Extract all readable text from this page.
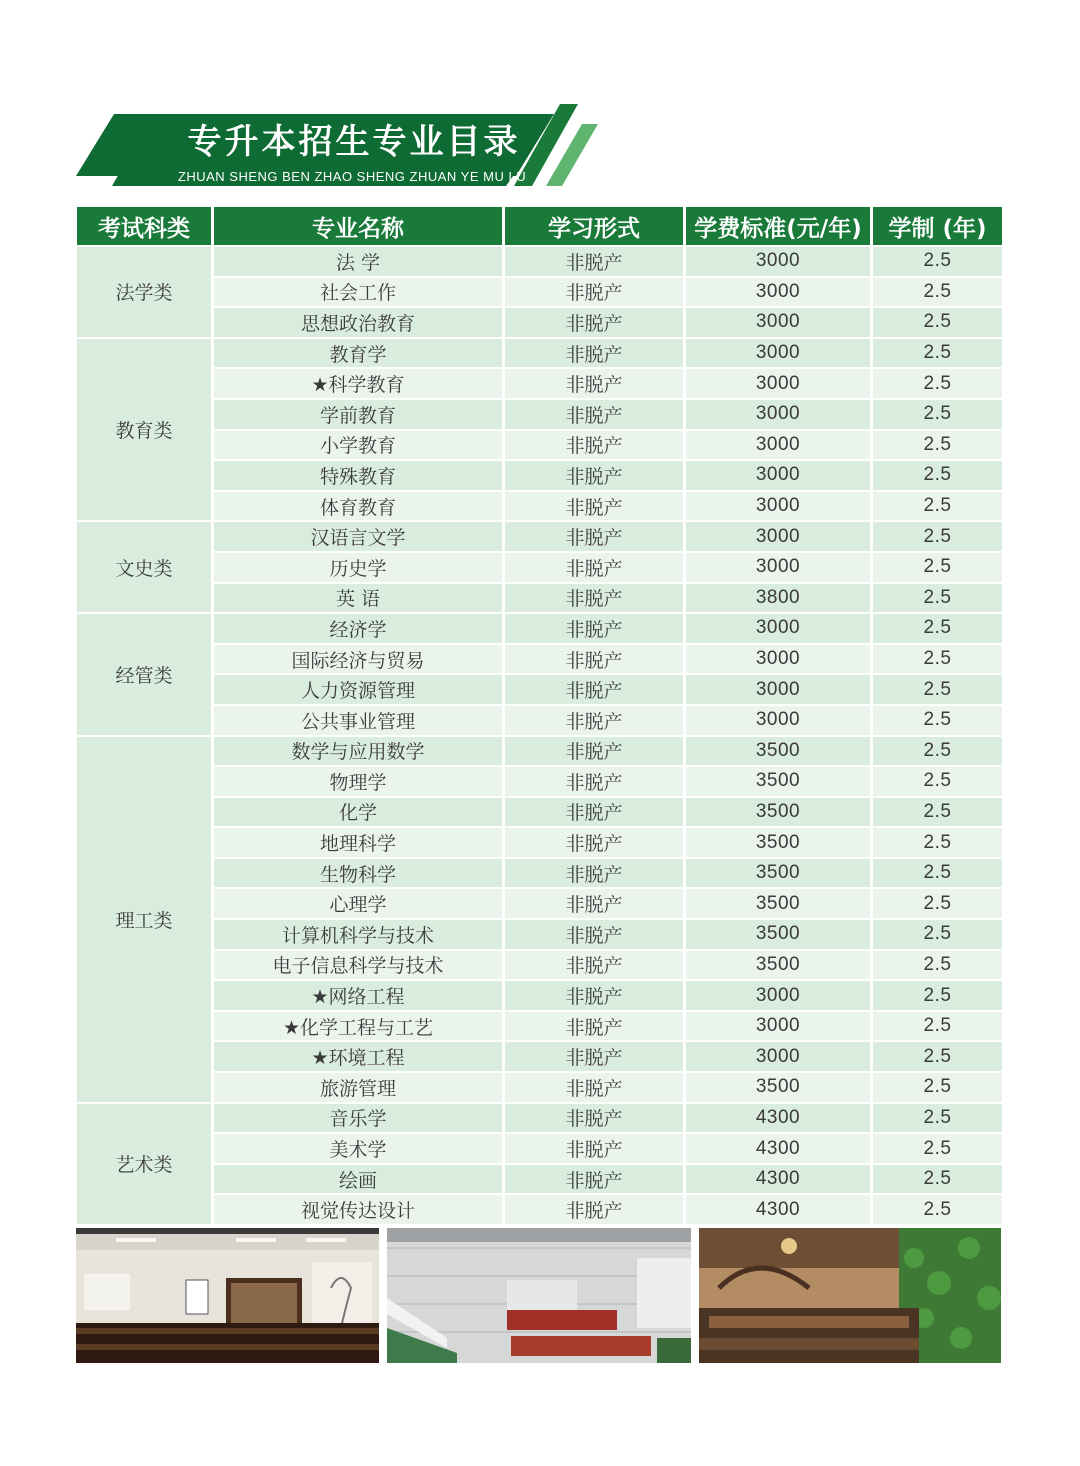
专升本招生专业目录
ZHUAN SHENG BEN ZHAO SHENG ZHUAN YE MU LU
考试科类	专业名称	学习形式	学费标准(元/年)	学制 (年)
法学类
法 学	非脱产	3000	2.5
社会工作	非脱产	3000	2.5
思想政治教育	非脱产	3000	2.5
教育类
教育学	非脱产	3000	2.5
★科学教育	非脱产	3000	2.5
学前教育	非脱产	3000	2.5
小学教育	非脱产	3000	2.5
特殊教育	非脱产	3000	2.5
体育教育	非脱产	3000	2.5
文史类
汉语言文学	非脱产	3000	2.5
历史学	非脱产	3000	2.5
英 语	非脱产	3800	2.5
经管类
经济学	非脱产	3000	2.5
国际经济与贸易	非脱产	3000	2.5
人力资源管理	非脱产	3000	2.5
公共事业管理	非脱产	3000	2.5
理工类
数学与应用数学	非脱产	3500	2.5
物理学	非脱产	3500	2.5
化学	非脱产	3500	2.5
地理科学	非脱产	3500	2.5
生物科学	非脱产	3500	2.5
心理学	非脱产	3500	2.5
计算机科学与技术	非脱产	3500	2.5
电子信息科学与技术	非脱产	3500	2.5
★网络工程	非脱产	3000	2.5
★化学工程与工艺	非脱产	3000	2.5
★环境工程	非脱产	3000	2.5
旅游管理	非脱产	3500	2.5
艺术类
音乐学	非脱产	4300	2.5
美术学	非脱产	4300	2.5
绘画	非脱产	4300	2.5
视觉传达设计	非脱产	4300	2.5
